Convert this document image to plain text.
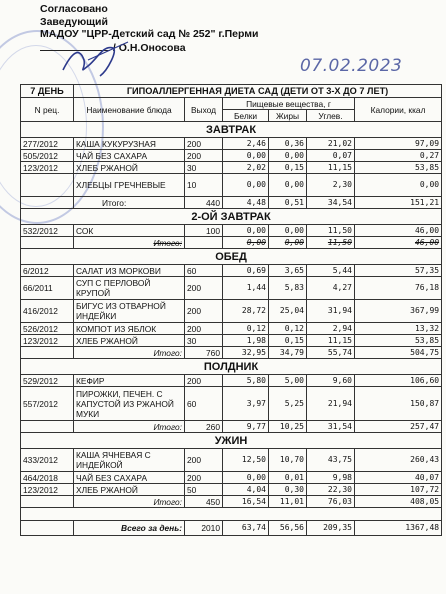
Согласовано
Заведующий
МАДОУ "ЦРР-Детский сад № 252" г.Перми
/ О.Н.Оносова
07.02.2023
7 ДЕНЬ	ГИПОАЛЛЕРГЕННАЯ ДИЕТА САД (ДЕТИ ОТ 3-Х ДО 7 ЛЕТ)					
N рец.	Наименование блюда	Выход	Пищевые вещества, г			Калории, ккал
			Белки	Жиры	Углев.	
ЗАВТРАК						
277/2012	КАША КУКУРУЗНАЯ	200	2,46	0,36	21,02	97,09
505/2012	ЧАЙ БЕЗ САХАРА	200	0,00	0,00	0,07	0,27
123/2012	ХЛЕБ РЖАНОЙ	30	2,02	0,15	11,15	53,85
	ХЛЕБЦЫ ГРЕЧНЕВЫЕ	10	0,00	0,00	2,30	0,00
	Итого:	440	4,48	0,51	34,54	151,21
2-ОЙ ЗАВТРАК						
532/2012	СОК	100	0,00	0,00	11,50	46,00
	Итого:		0,00	0,00	11,50	46,00
ОБЕД						
6/2012	САЛАТ ИЗ МОРКОВИ	60	0,69	3,65	5,44	57,35
66/2011	СУП С ПЕРЛОВОЙ КРУПОЙ	200	1,44	5,83	4,27	76,18
416/2012	БИГУС ИЗ ОТВАРНОЙ ИНДЕЙКИ	200	28,72	25,04	31,94	367,99
526/2012	КОМПОТ ИЗ ЯБЛОК	200	0,12	0,12	2,94	13,32
123/2012	ХЛЕБ РЖАНОЙ	30	1,98	0,15	11,15	53,85
	Итого:	760	32,95	34,79	55,74	504,75
ПОЛДНИК						
529/2012	КЕФИР	200	5,80	5,00	9,60	106,60
557/2012	ПИРОЖКИ, ПЕЧЕН. С КАПУСТОЙ ИЗ РЖАНОЙ МУКИ	60	3,97	5,25	21,94	150,87
	Итого:	260	9,77	10,25	31,54	257,47
УЖИН						
433/2012	КАША ЯЧНЕВАЯ С ИНДЕЙКОЙ	200	12,50	10,70	43,75	260,43
464/2018	ЧАЙ БЕЗ САХАРА	200	0,00	0,01	9,98	40,07
123/2012	ХЛЕБ РЖАНОЙ	50	4,04	0,30	22,30	107,72
	Итого:	450	16,54	11,01	76,03	408,05

	Всего за день:	2010	63,74	56,56	209,35	1367,48
